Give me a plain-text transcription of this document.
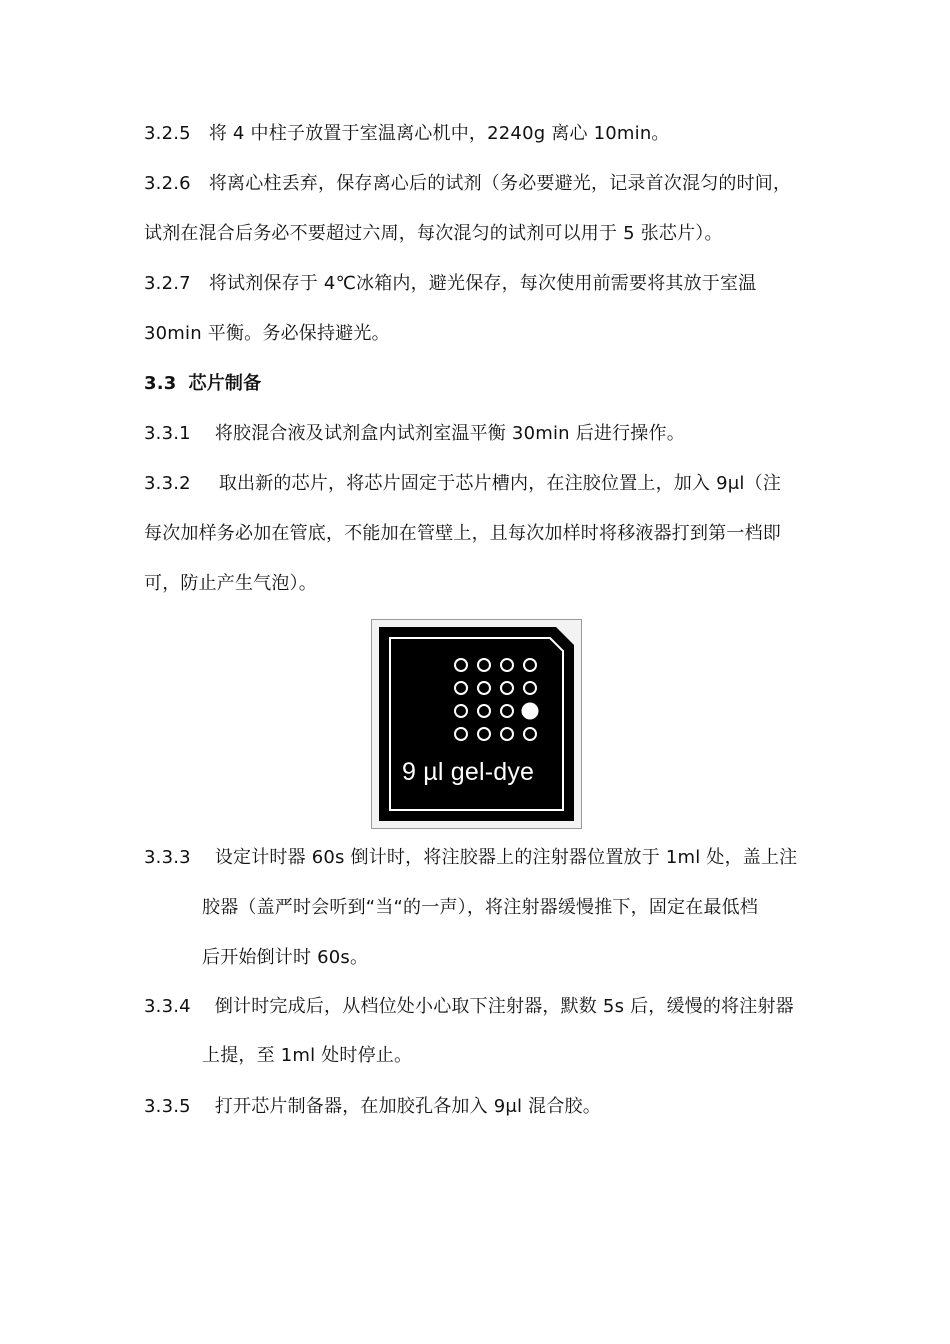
3.2.5 将 4 中柱子放置于室温离心机中，2240g 离心 10min。
3.2.6 将离心柱丢弃，保存离心后的试剂（务必要避光，记录首次混匀的时间，
试剂在混合后务必不要超过六周，每次混匀的试剂可以用于 5 张芯片）。
3.2.7 将试剂保存于 4℃冰箱内，避光保存，每次使用前需要将其放于室温
30min 平衡。务必保持避光。
3.3 芯片制备
3.3.1 将胶混合液及试剂盒内试剂室温平衡 30min 后进行操作。
3.3.2 取出新的芯片，将芯片固定于芯片槽内，在注胶位置上，加入 9μl（注
每次加样务必加在管底，不能加在管壁上，且每次加样时将移液器打到第一档即
可，防止产生气泡）。
9 µl gel-dye
3.3.3 设定计时器 60s 倒计时，将注胶器上的注射器位置放于 1ml 处，盖上注
胶器（盖严时会听到“当“的一声），将注射器缓慢推下，固定在最低档
后开始倒计时 60s。
3.3.4 倒计时完成后，从档位处小心取下注射器，默数 5s 后，缓慢的将注射器
上提，至 1ml 处时停止。
3.3.5 打开芯片制备器，在加胶孔各加入 9μl 混合胶。
